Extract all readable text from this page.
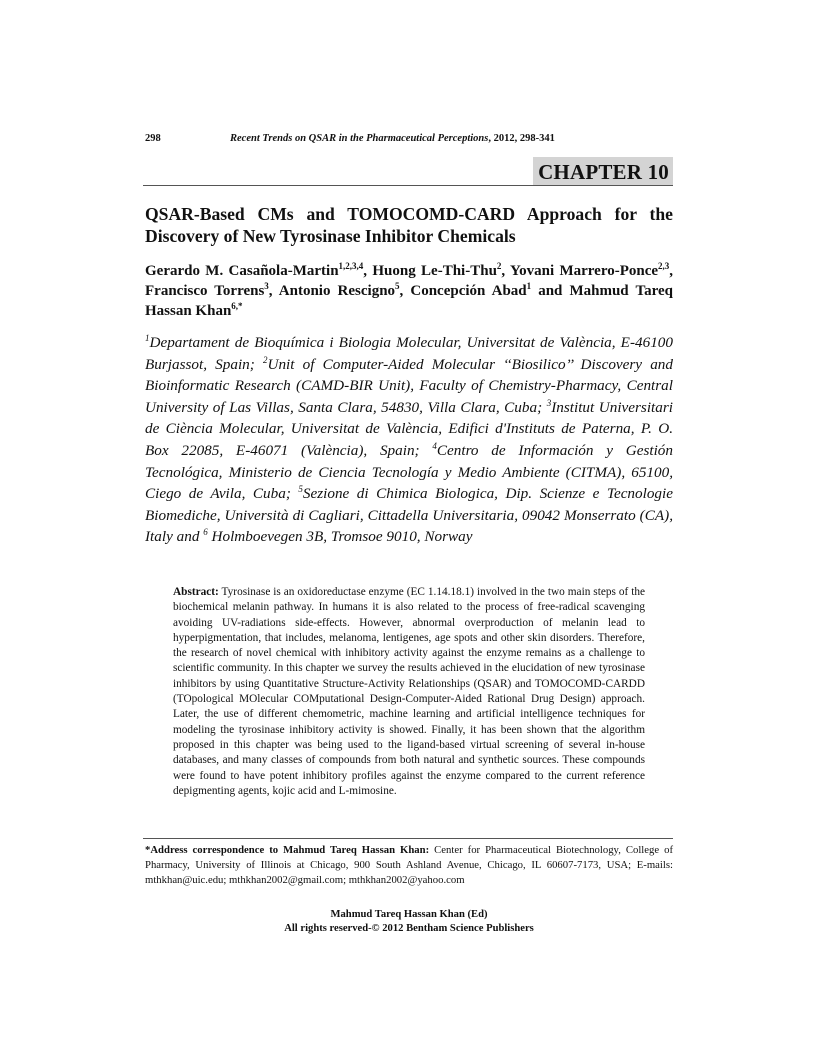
298	Recent Trends on QSAR in the Pharmaceutical Perceptions, 2012, 298-341
CHAPTER 10
QSAR-Based CMs and TOMOCOMD-CARD Approach for the Discovery of New Tyrosinase Inhibitor Chemicals
Gerardo M. Casañola-Martin$^{1,2,3,4}$, Huong Le-Thi-Thu$^2$, Yovani Marrero-Ponce$^{2,3}$, Francisco Torrens$^3$, Antonio Rescigno$^5$, Concepción Abad$^1$ and Mahmud Tareq Hassan Khan$^{6,*}$
$^1$Departament de Bioquímica i Biologia Molecular, Universitat de València, E-46100 Burjassot, Spain; $^2$Unit of Computer-Aided Molecular ‘‘Biosilico’’ Discovery and Bioinformatic Research (CAMD-BIR Unit), Faculty of Chemistry-Pharmacy, Central University of Las Villas, Santa Clara, 54830, Villa Clara, Cuba; $^3$Institut Universitari de Ciència Molecular, Universitat de València, Edifici d'Instituts de Paterna, P. O. Box 22085, E-46071 (València), Spain; $^4$Centro de Información y Gestión Tecnológica, Ministerio de Ciencia Tecnología y Medio Ambiente (CITMA), 65100, Ciego de Avila, Cuba; $^5$Sezione di Chimica Biologica, Dip. Scienze e Tecnologie Biomediche, Università di Cagliari, Cittadella Universitaria, 09042 Monserrato (CA), Italy and $^6$ Holmboevegen 3B, Tromsoe 9010, Norway
Abstract: Tyrosinase is an oxidoreductase enzyme (EC 1.14.18.1) involved in the two main steps of the biochemical melanin pathway. In humans it is also related to the process of free-radical scavenging avoiding UV-radiations side-effects. However, abnormal overproduction of melanin lead to hyperpigmentation, that includes, melanoma, lentigenes, age spots and other skin disorders. Therefore, the research of novel chemical with inhibitory activity against the enzyme remains as a challenge to scientific community. In this chapter we survey the results achieved in the elucidation of new tyrosinase inhibitors by using Quantitative Structure-Activity Relationships (QSAR) and TOMOCOMD-CARDD (TOpological MOlecular COMputational Design-Computer-Aided Rational Drug Design) approach. Later, the use of different chemometric, machine learning and artificial intelligence techniques for modeling the tyrosinase inhibitory activity is showed. Finally, it has been shown that the algorithm proposed in this chapter was being used to the ligand-based virtual screening of several in-house databases, and many classes of compounds from both natural and synthetic sources. These compounds were found to have potent inhibitory profiles against the enzyme compared to the current reference depigmenting agents, kojic acid and L-mimosine.
*Address correspondence to Mahmud Tareq Hassan Khan: Center for Pharmaceutical Biotechnology, College of Pharmacy, University of Illinois at Chicago, 900 South Ashland Avenue, Chicago, IL 60607-7173, USA; E-mails: mthkhan@uic.edu; mthkhan2002@gmail.com; mthkhan2002@yahoo.com
Mahmud Tareq Hassan Khan (Ed)
All rights reserved-© 2012 Bentham Science Publishers
